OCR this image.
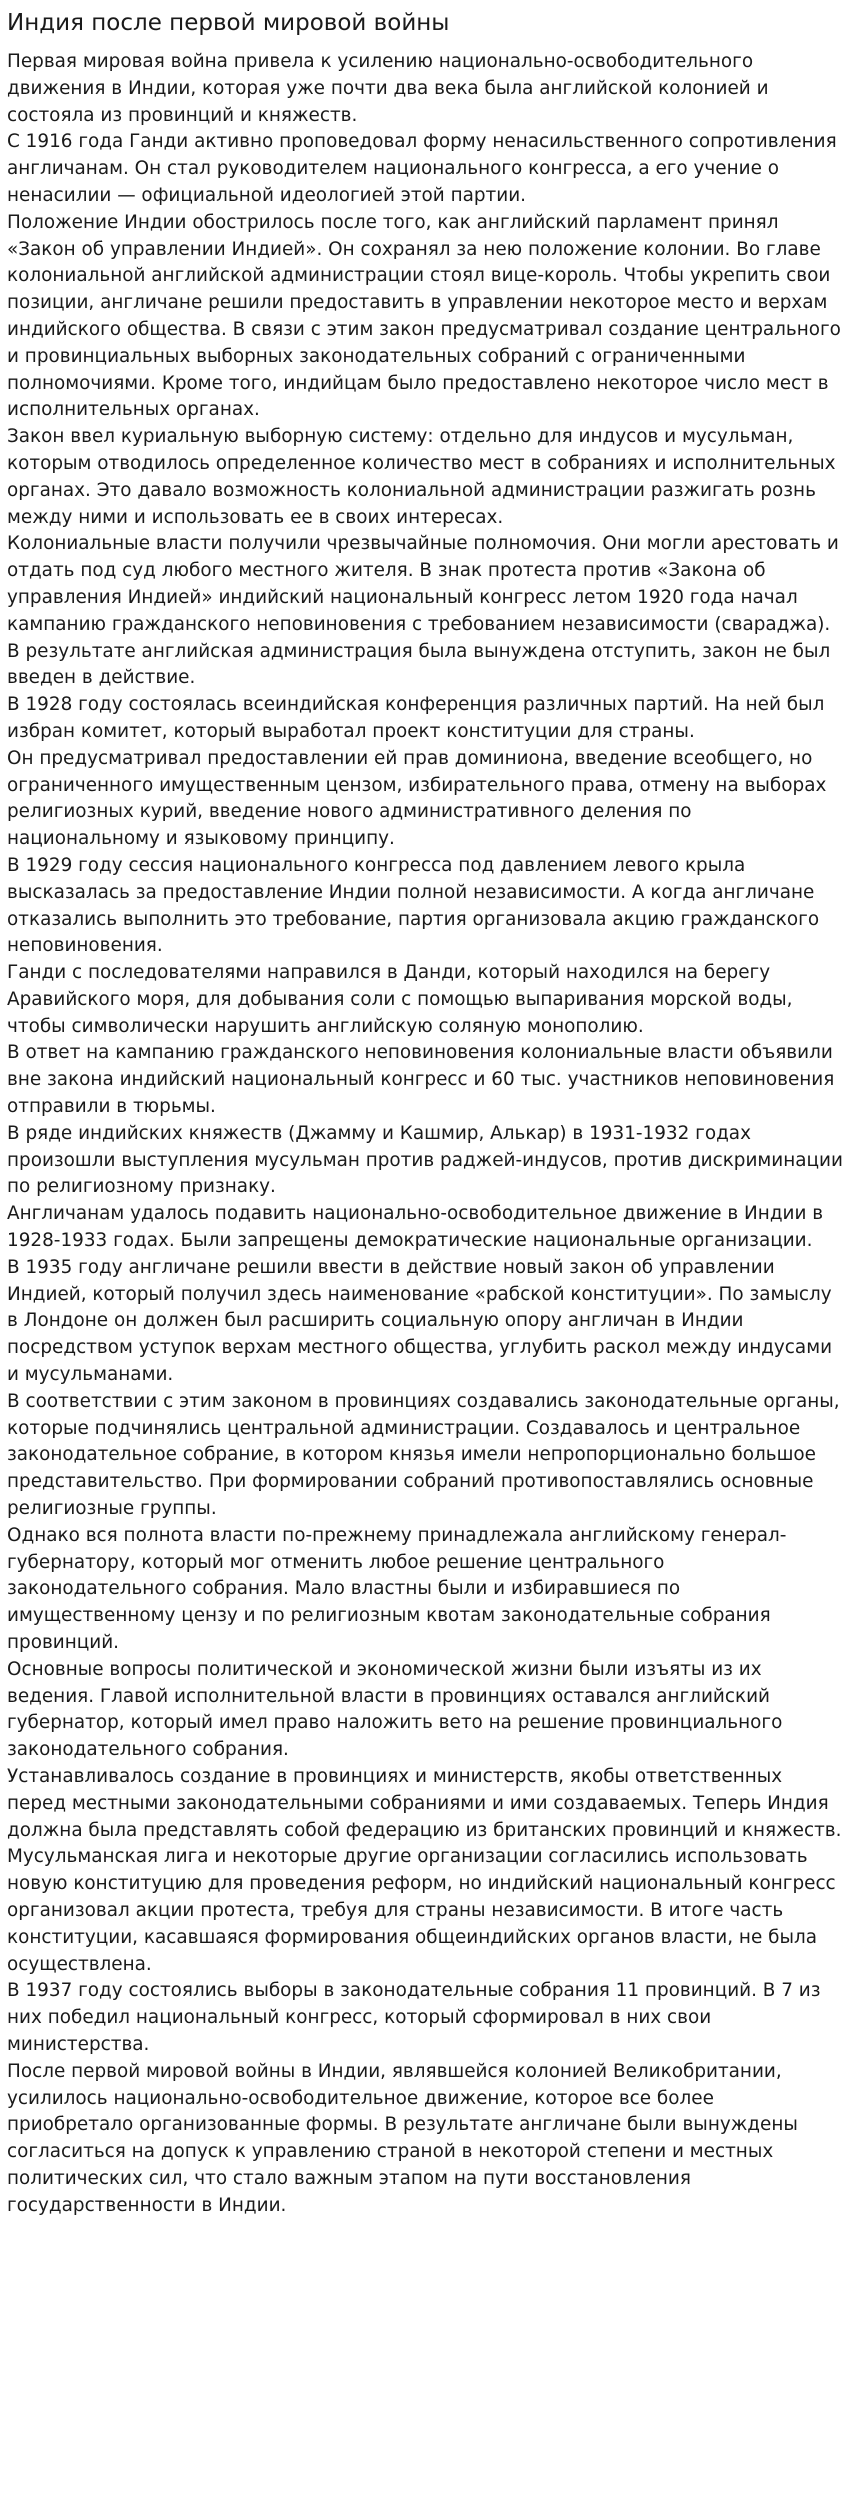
Индия после первой мировой войны

Первая мировая война привела к усилению национально-освободительного движения в Индии, которая уже почти два века была английской колонией и состояла из провинций и княжеств.

С 1916 года Ганди активно проповедовал форму ненасильственного сопротивления англичанам. Он стал руководителем национального конгресса, а его учение о ненасилии — официальной идеологией этой партии.

Положение Индии обострилось после того, как английский парламент принял «Закон об управлении Индией». Он сохранял за нею положение колонии. Во главе колониальной английской администрации стоял вице-король. Чтобы укрепить свои позиции, англичане решили предоставить в управлении некоторое место и верхам индийского общества. В связи с этим закон предусматривал создание центрального и провинциальных выборных законодательных собраний с ограниченными полномочиями. Кроме того, индийцам было предоставлено некоторое число мест в исполнительных органах.

Закон ввел куриальную выборную систему: отдельно для индусов и мусульман, которым отводилось определенное количество мест в собраниях и исполнительных органах. Это давало возможность колониальной администрации разжигать рознь между ними и использовать ее в своих интересах.

Колониальные власти получили чрезвычайные полномочия. Они могли арестовать и отдать под суд любого местного жителя. В знак протеста против «Закона об управления Индией» индийский национальный конгресс летом 1920 года начал кампанию гражданского неповиновения с требованием независимости (свараджа). В результате английская администрация была вынуждена отступить, закон не был введен в действие.

В 1928 году состоялась всеиндийская конференция различных партий. На ней был избран комитет, который выработал проект конституции для страны.

Он предусматривал предоставлении ей прав доминиона, введение всеобщего, но ограниченного имущественным цензом, избирательного права, отмену на выборах религиозных курий, введение нового административного деления по национальному и языковому принципу.

В 1929 году сессия национального конгресса под давлением левого крыла высказалась за предоставление Индии полной независимости. А когда англичане отказались выполнить это требование, партия организовала акцию гражданского неповиновения.

Ганди с последователями направился в Данди, который находился на берегу Аравийского моря, для добывания соли с помощью выпаривания морской воды, чтобы символически нарушить английскую соляную монополию.

В ответ на кампанию гражданского неповиновения колониальные власти объявили вне закона индийский национальный конгресс и 60 тыс. участников неповиновения отправили в тюрьмы.

В ряде индийских княжеств (Джамму и Кашмир, Алькар) в 1931-1932 годах произошли выступления мусульман против раджей-индусов, против дискриминации по религиозному признаку.

Англичанам удалось подавить национально-освободительное движение в Индии в 1928-1933 годах. Были запрещены демократические национальные организации.

В 1935 году англичане решили ввести в действие новый закон об управлении Индией, который получил здесь наименование «рабской конституции». По замыслу в Лондоне он должен был расширить социальную опору англичан в Индии посредством уступок верхам местного общества, углубить раскол между индусами и мусульманами.

В соответствии с этим законом в провинциях создавались законодательные органы, которые подчинялись центральной администрации. Создавалось и центральное законодательное собрание, в котором князья имели непропорционально большое представительство. При формировании собраний противопоставлялись основные религиозные группы.

Однако вся полнота власти по-прежнему принадлежала английскому генерал-губернатору, который мог отменить любое решение центрального законодательного собрания. Мало властны были и избиравшиеся по имущественному цензу и по религиозным квотам законодательные собрания провинций.

Основные вопросы политической и экономической жизни были изъяты из их ведения. Главой исполнительной власти в провинциях оставался английский губернатор, который имел право наложить вето на решение провинциального законодательного собрания.

Устанавливалось создание в провинциях и министерств, якобы ответственных перед местными законодательными собраниями и ими создаваемых. Теперь Индия должна была представлять собой федерацию из британских провинций и княжеств.

Мусульманская лига и некоторые другие организации согласились использовать новую конституцию для проведения реформ, но индийский национальный конгресс организовал акции протеста, требуя для страны независимости. В итоге часть конституции, касавшаяся формирования общеиндийских органов власти, не была осуществлена.

В 1937 году состоялись выборы в законодательные собрания 11 провинций. В 7 из них победил национальный конгресс, который сформировал в них свои министерства.

После первой мировой войны в Индии, являвшейся колонией Великобритании, усилилось национально-освободительное движение, которое все более приобретало организованные формы. В результате англичане были вынуждены согласиться на допуск к управлению страной в некоторой степени и местных политических сил, что стало важным этапом на пути восстановления государственности в Индии.
